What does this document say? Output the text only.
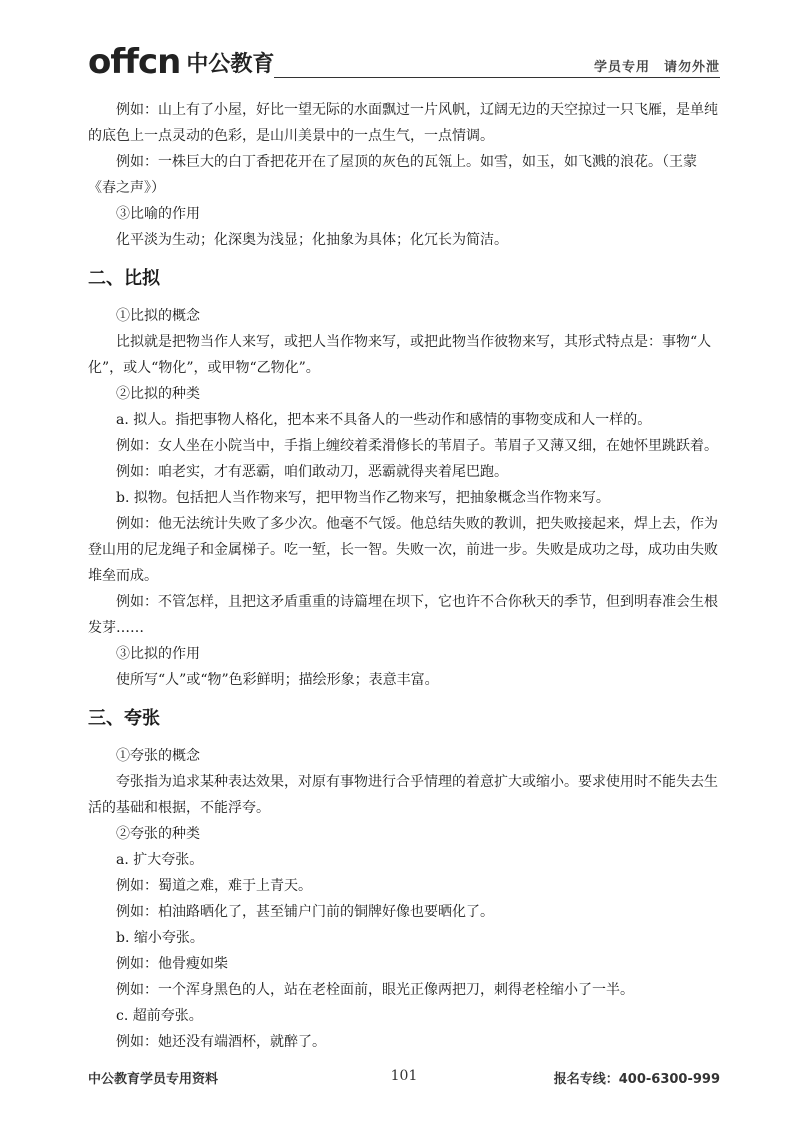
offcn 中公教育	学员专用　请勿外泄

例如：山上有了小屋，好比一望无际的水面飘过一片风帆，辽阔无边的天空掠过一只飞雁，是单纯的底色上一点灵动的色彩，是山川美景中的一点生气，一点情调。

例如：一株巨大的白丁香把花开在了屋顶的灰色的瓦瓴上。如雪，如玉，如飞溅的浪花。（王蒙《春之声》）

③比喻的作用

化平淡为生动；化深奥为浅显；化抽象为具体；化冗长为简洁。

二、比拟

①比拟的概念

比拟就是把物当作人来写，或把人当作物来写，或把此物当作彼物来写，其形式特点是：事物“人化”，或人“物化”，或甲物“乙物化”。

②比拟的种类

a. 拟人。指把事物人格化，把本来不具备人的一些动作和感情的事物变成和人一样的。

例如：女人坐在小院当中，手指上缠绞着柔滑修长的苇眉子。苇眉子又薄又细，在她怀里跳跃着。

例如：咱老实，才有恶霸，咱们敢动刀，恶霸就得夹着尾巴跑。

b. 拟物。包括把人当作物来写，把甲物当作乙物来写，把抽象概念当作物来写。

例如：他无法统计失败了多少次。他毫不气馁。他总结失败的教训，把失败接起来，焊上去，作为登山用的尼龙绳子和金属梯子。吃一堑，长一智。失败一次，前进一步。失败是成功之母，成功由失败堆垒而成。

例如：不管怎样，且把这矛盾重重的诗篇埋在坝下，它也许不合你秋天的季节，但到明春准会生根发芽……

③比拟的作用

使所写“人”或“物”色彩鲜明；描绘形象；表意丰富。

三、夸张

①夸张的概念

夸张指为追求某种表达效果，对原有事物进行合乎情理的着意扩大或缩小。要求使用时不能失去生活的基础和根据，不能浮夸。

②夸张的种类

a. 扩大夸张。

例如：蜀道之难，难于上青天。

例如：柏油路晒化了，甚至铺户门前的铜牌好像也要晒化了。

b. 缩小夸张。

例如：他骨瘦如柴

例如：一个浑身黑色的人，站在老栓面前，眼光正像两把刀，刺得老栓缩小了一半。

c. 超前夸张。

例如：她还没有端酒杯，就醉了。

中公教育学员专用资料	101	报名专线：400-6300-999
